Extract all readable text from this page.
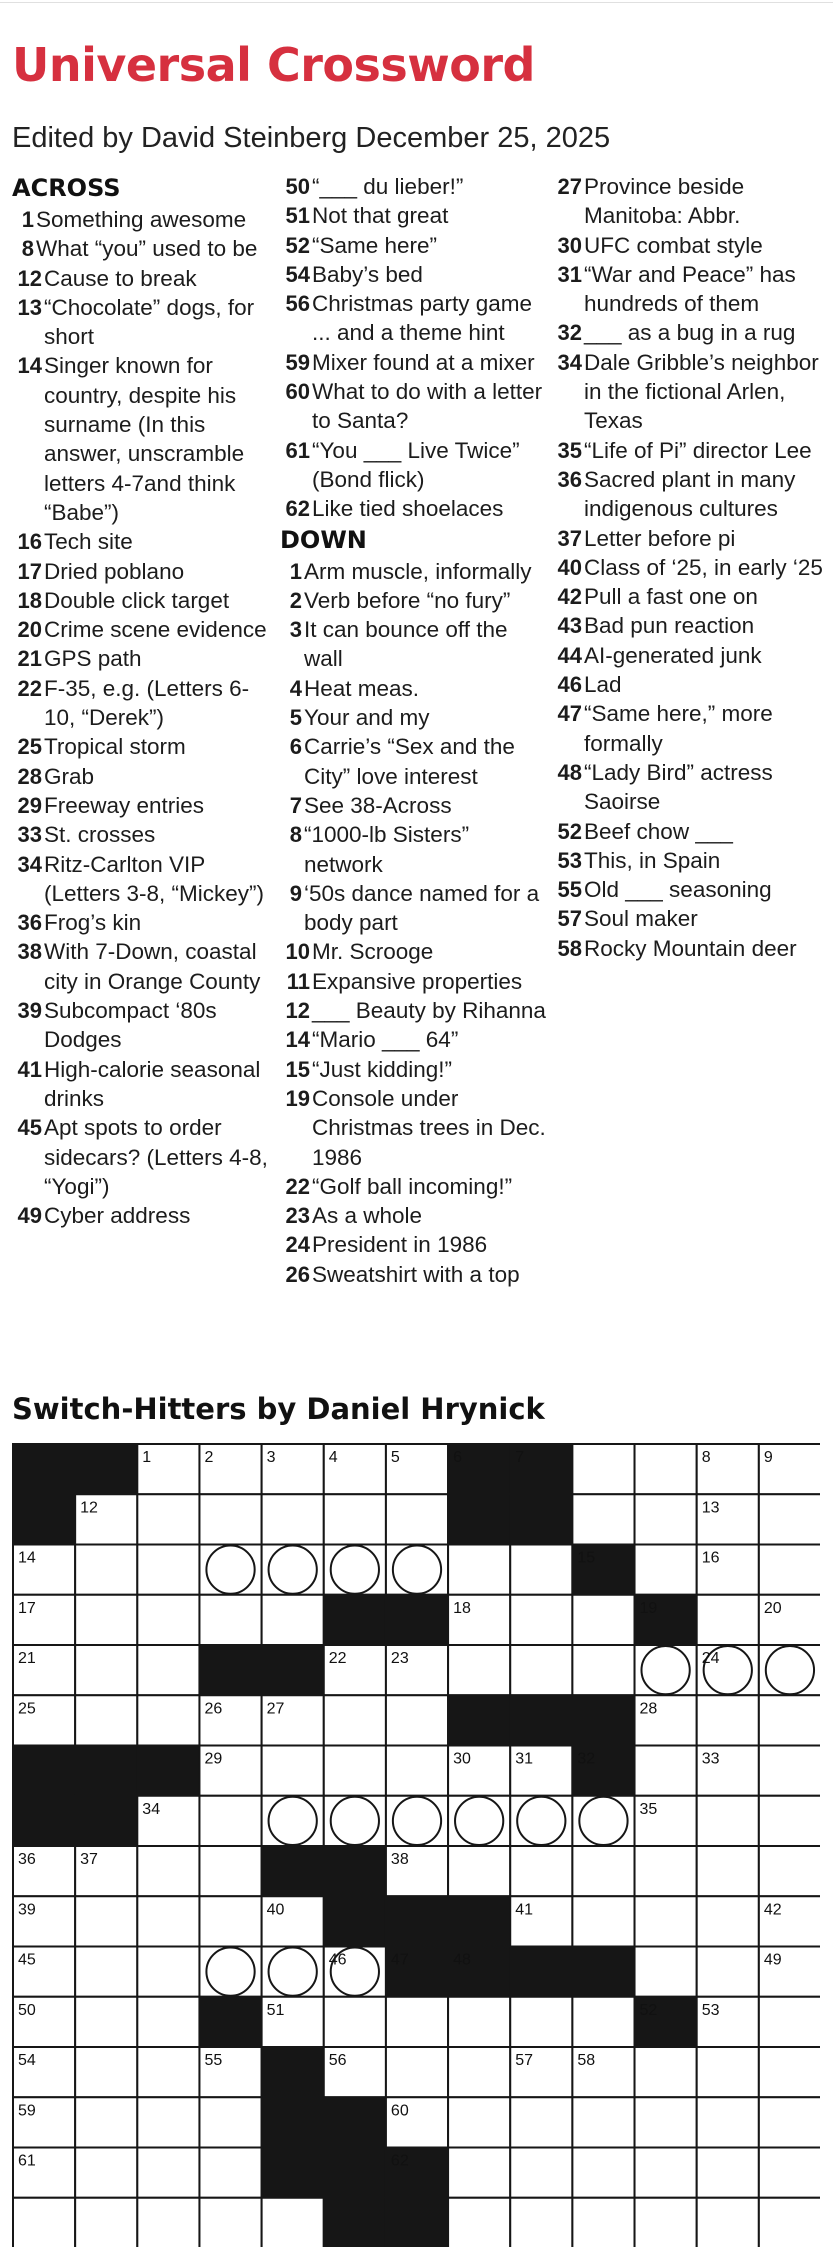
Universal Crossword
Edited by David Steinberg December 25, 2025
ACROSS
1 Something awesome
8 What “you” used to be
12 Cause to break
13 “Chocolate” dogs, for short
14 Singer known for country, despite his surname (In this answer, unscramble letters 4-7and think “Babe”)
16 Tech site
17 Dried poblano
18 Double click target
20 Crime scene evidence
21 GPS path
22 F-35, e.g. (Letters 6-10, “Derek”)
25 Tropical storm
28 Grab
29 Freeway entries
33 St. crosses
34 Ritz-Carlton VIP (Letters 3-8, “Mickey”)
36 Frog’s kin
38 With 7-Down, coastal city in Orange County
39 Subcompact ‘80s Dodges
41 High-calorie seasonal drinks
45 Apt spots to order sidecars? (Letters 4-8, “Yogi”)
49 Cyber address
50 “___ du lieber!”
51 Not that great
52 “Same here”
54 Baby’s bed
56 Christmas party game ... and a theme hint
59 Mixer found at a mixer
60 What to do with a letter to Santa?
61 “You ___ Live Twice” (Bond flick)
62 Like tied shoelaces
DOWN
1 Arm muscle, informally
2 Verb before “no fury”
3 It can bounce off the wall
4 Heat meas.
5 Your and my
6 Carrie’s “Sex and the City” love interest
7 See 38-Across
8 “1000-lb Sisters” network
9 ‘50s dance named for a body part
10 Mr. Scrooge
11 Expansive properties
12 ___ Beauty by Rihanna
14 “Mario ___ 64”
15 “Just kidding!”
19 Console under Christmas trees in Dec. 1986
22 “Golf ball incoming!”
23 As a whole
24 President in 1986
26 Sweatshirt with a top
27 Province beside Manitoba: Abbr.
30 UFC combat style
31 “War and Peace” has hundreds of them
32 ___ as a bug in a rug
34 Dale Gribble’s neighbor in the fictional Arlen, Texas
35 “Life of Pi” director Lee
36 Sacred plant in many indigenous cultures
37 Letter before pi
40 Class of ‘25, in early ‘25
42 Pull a fast one on
43 Bad pun reaction
44 AI-generated junk
46 Lad
47 “Same here,” more formally
48 “Lady Bird” actress Saoirse
52 Beef chow ___
53 This, in Spain
55 Old ___ seasoning
57 Soul maker
58 Rocky Mountain deer
Switch-Hitters by Daniel Hrynick
1	2	3	4	5	6	7	8	9
12	13
14	15	16
17	18	19	20
21	22	23	24
25	26	27	28
29	30	31	32	33
34	35
36	37	38
39	40	41	42
45	46	47	48	49
50	51	52	53
54	55	56	57	58
59	60
61	62
